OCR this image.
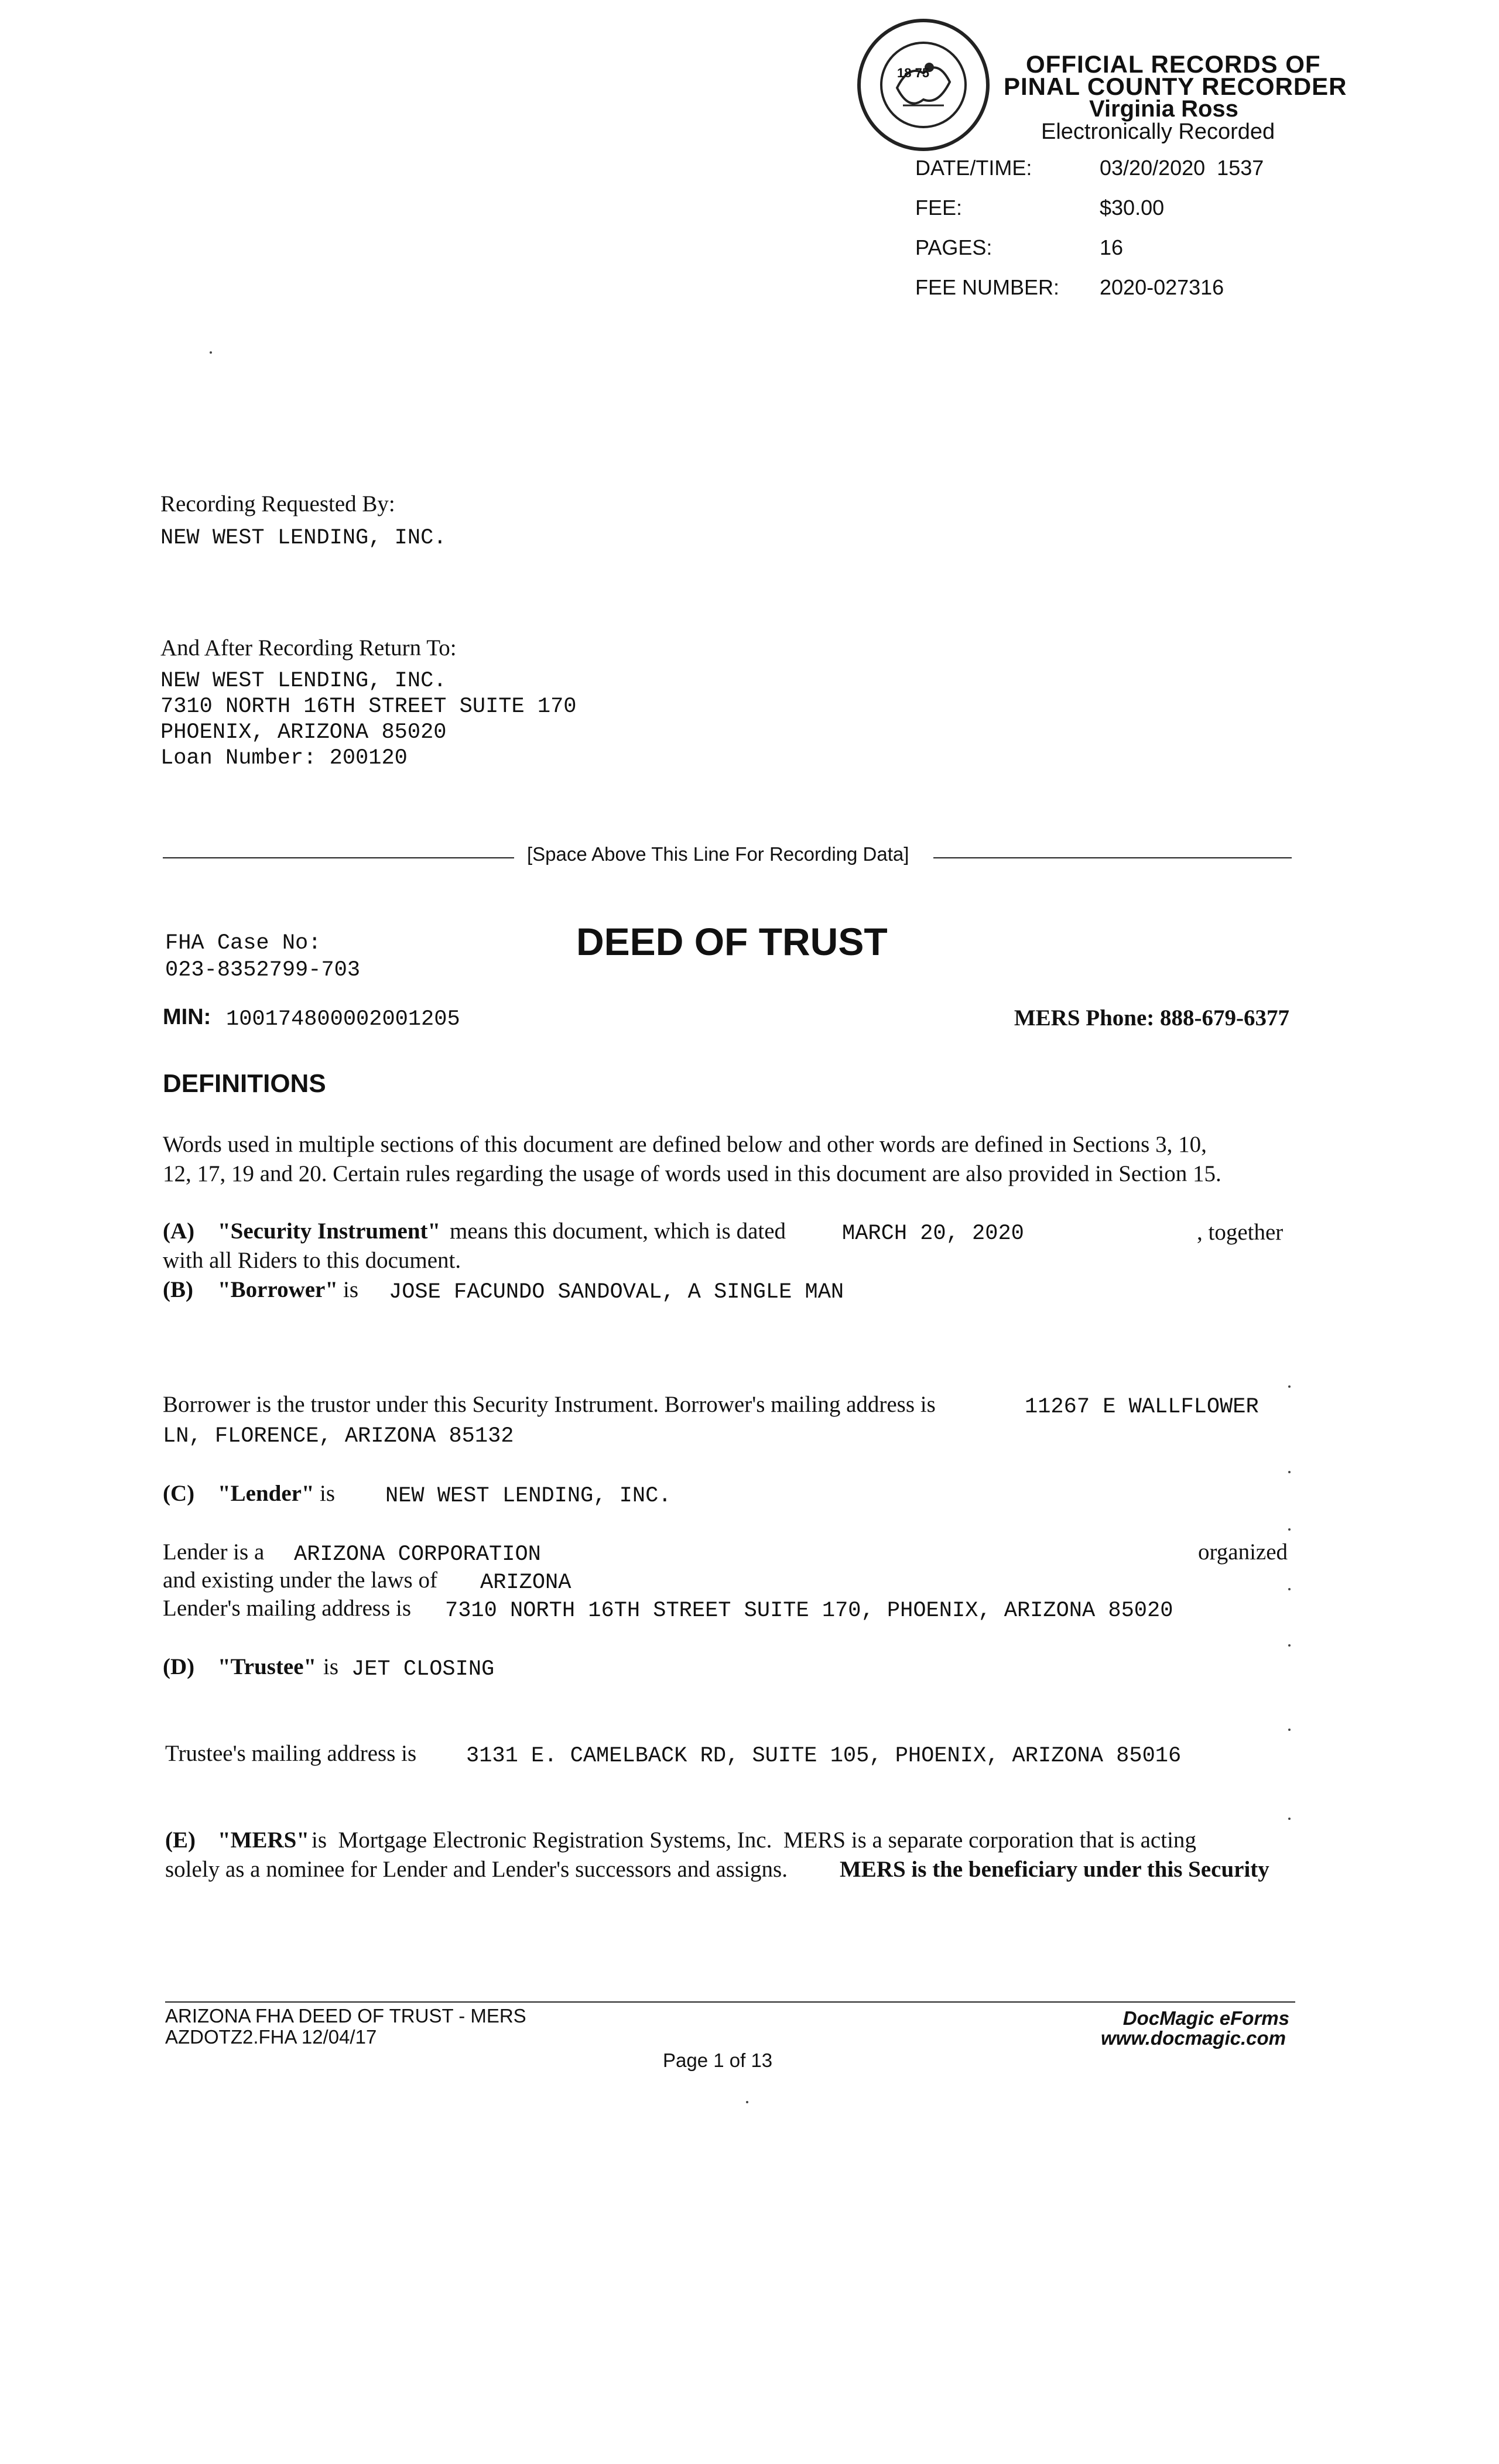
18 75	OFFICIAL RECORDS OF
PINAL COUNTY RECORDER
Virginia Ross
Electronically Recorded
DATE/TIME:	03/20/2020  1537
FEE:	$30.00
PAGES:	16
FEE NUMBER: 2020-027316
Recording Requested By:
NEW WEST LENDING, INC.
And After Recording Return To:
NEW WEST LENDING, INC.
7310 NORTH 16TH STREET SUITE 170
PHOENIX, ARIZONA 85020
Loan Number: 200120
[Space Above This Line For Recording Data]
FHA Case No:
023-8352799-703
DEED OF TRUST
MIN: 100174800002001205	MERS Phone: 888-679-6377
DEFINITIONS
Words used in multiple sections of this document are defined below and other words are defined in Sections 3, 10,
12, 17, 19 and 20. Certain rules regarding the usage of words used in this document are also provided in Section 15.
(A) "Security Instrument" means this document, which is dated	MARCH 20, 2020	, together
with all Riders to this document.
(B) "Borrower" is JOSE FACUNDO SANDOVAL, A SINGLE MAN
Borrower is the trustor under this Security Instrument. Borrower's mailing address is	11267 E WALLFLOWER
LN, FLORENCE, ARIZONA 85132
(C) "Lender" is NEW WEST LENDING, INC.
Lender is a ARIZONA CORPORATION	organized
and existing under the laws of ARIZONA
Lender's mailing address is 7310 NORTH 16TH STREET SUITE 170, PHOENIX, ARIZONA 85020
(D) "Trustee" is JET CLOSING
Trustee's mailing address is 3131 E. CAMELBACK RD, SUITE 105, PHOENIX, ARIZONA 85016
(E) "MERS" is  Mortgage Electronic Registration Systems, Inc.  MERS is a separate corporation that is acting
solely as a nominee for Lender and Lender's successors and assigns. MERS is the beneficiary under this Security
ARIZONA FHA DEED OF TRUST - MERS
AZDOTZ2.FHA 12/04/17
Page 1 of 13
DocMagic eForms
www.docmagic.com
